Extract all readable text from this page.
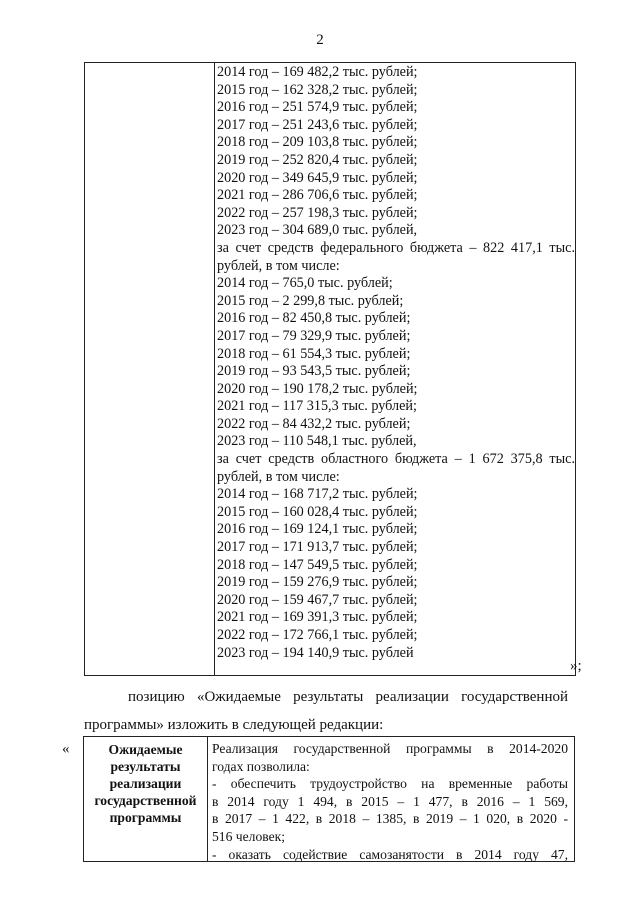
2
2014 год – 169 482,2 тыс. рублей;
2015 год – 162 328,2 тыс. рублей;
2016 год – 251 574,9 тыс. рублей;
2017 год – 251 243,6 тыс. рублей;
2018 год – 209 103,8 тыс. рублей;
2019 год – 252 820,4 тыс. рублей;
2020 год – 349 645,9 тыс. рублей;
2021 год – 286 706,6 тыс. рублей;
2022 год – 257 198,3 тыс. рублей;
2023 год – 304 689,0 тыс. рублей,
за счет средств федерального бюджета – 822 417,1 тыс.
рублей, в том числе:
2014 год – 765,0 тыс. рублей;
2015 год – 2 299,8 тыс. рублей;
2016 год – 82 450,8 тыс. рублей;
2017 год – 79 329,9 тыс. рублей;
2018 год – 61 554,3 тыс. рублей;
2019 год – 93 543,5 тыс. рублей;
2020 год – 190 178,2 тыс. рублей;
2021 год – 117 315,3 тыс. рублей;
2022 год – 84 432,2 тыс. рублей;
2023 год – 110 548,1 тыс. рублей,
за счет средств областного бюджета – 1 672 375,8 тыс.
рублей, в том числе:
2014 год – 168 717,2 тыс. рублей;
2015 год – 160 028,4 тыс. рублей;
2016 год – 169 124,1 тыс. рублей;
2017 год – 171 913,7 тыс. рублей;
2018 год – 147 549,5 тыс. рублей;
2019 год – 159 276,9 тыс. рублей;
2020 год – 159 467,7 тыс. рублей;
2021 год – 169 391,3 тыс. рублей;
2022 год – 172 766,1 тыс. рублей;
2023 год – 194 140,9 тыс. рублей
»;
позицию «Ожидаемые результаты реализации государственной
программы» изложить в следующей редакции:
«	Ожидаемые
результаты
реализации
государственной
программы
Реализация государственной программы в 2014-2020
годах позволила:
- обеспечить трудоустройство на временные работы
в 2014 году 1 494, в 2015 – 1 477, в 2016 – 1 569,
в 2017 – 1 422, в 2018 – 1385, в 2019 – 1 020, в 2020 -
516 человек;
- оказать содействие самозанятости в 2014 году 47,
